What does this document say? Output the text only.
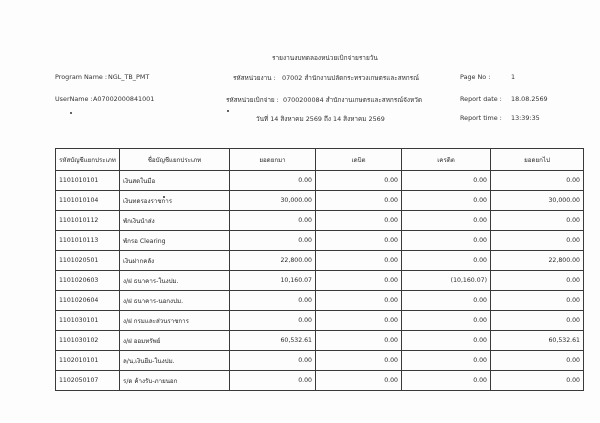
รายงานงบทดลองหน่วยเบิกจ่ายรายวัน
Program Name : NGL_TB_PMT
UserName : A07002000841001
รหัสหน่วยงาน : 07002 สำนักงานปลัดกระทรวงเกษตรและสหกรณ์
รหัสหน่วยเบิกจ่าย : 0700200084 สำนักงานเกษตรและสหกรณ์จังหวัด
วันที่ 14 สิงหาคม 2569 ถึง 14 สิงหาคม 2569
Page No :	1
Report date : 18.08.2569
Report time : 13:39:35
รหัสบัญชีแยกประเภท	ชื่อบัญชีแยกประเภท	ยอดยกมา	เดบิต	เครดิต	ยอดยกไป
1101010101	เงินสดในมือ	0.00	0.00	0.00	0.00
1101010104	เงินทดรองราชการ	30,000.00	0.00	0.00	30,000.00
1101010112	พักเงินนำส่ง	0.00	0.00	0.00	0.00
1101010113	พักรอ Clearing	0.00	0.00	0.00	0.00
1101020501	เงินฝากคลัง	22,800.00	0.00	0.00	22,800.00
1101020603	ง/ฝ ธนาคาร-ในงปม.	10,160.07	0.00	(10,160.07)	0.00
1101020604	ง/ฝ ธนาคาร-นอกงปม.	0.00	0.00	0.00	0.00
1101030101	ง/ฝ กรมและส่วนราชการ	0.00	0.00	0.00	0.00
1101030102	ง/ฝ ออมทรัพย์	60,532.61	0.00	0.00	60,532.61
1102010101	ล/น,เงินยืม-ในงปม.	0.00	0.00	0.00	0.00
1102050107	ร/ด ค้างรับ-ภายนอก	0.00	0.00	0.00	0.00
